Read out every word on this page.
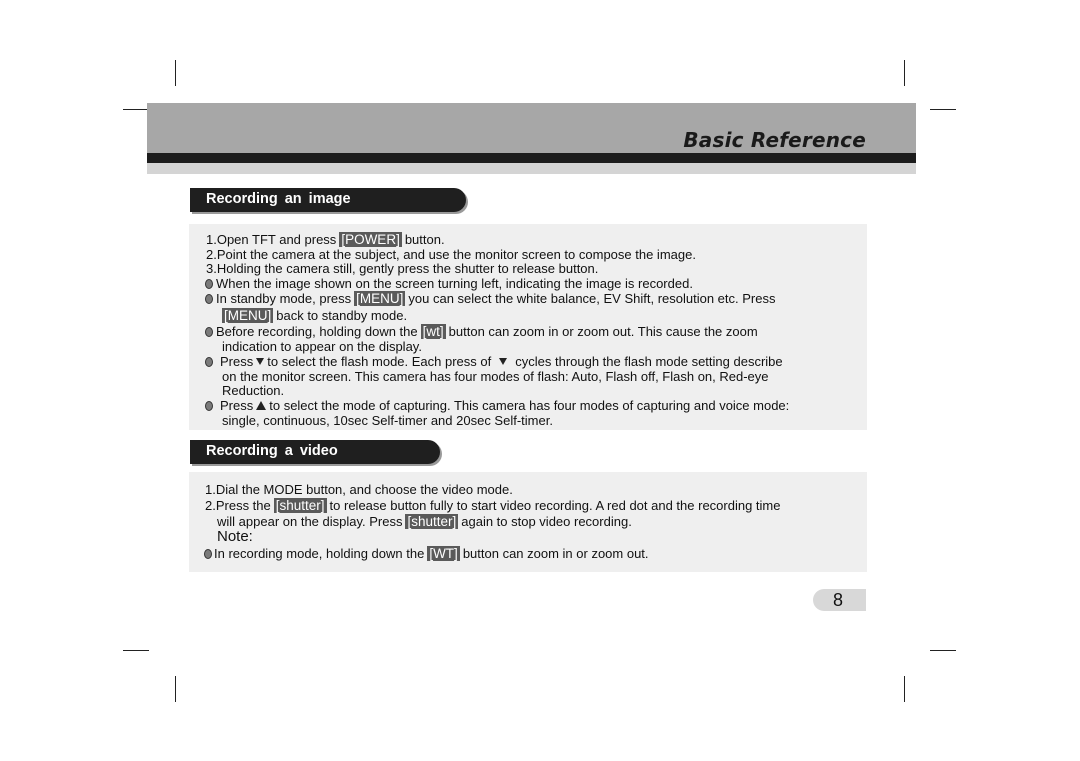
Basic Reference
Recording an image
1.Open TFT and press [POWER] button.
2.Point the camera at the subject, and use the monitor screen to compose the image.
3.Holding the camera still, gently press the shutter to release button.
When the image shown on the screen turning left, indicating the image is recorded.
In standby mode, press [MENU] you can select the white balance, EV Shift, resolution etc. Press
[MENU] back to standby mode.
Before recording, holding down the [wt] button can zoom in or zoom out. This cause the zoom
indication to appear on the display.
Press to select the flash mode. Each press of cycles through the flash mode setting describe
on the monitor screen. This camera has four modes of flash: Auto, Flash off, Flash on, Red-eye
Reduction.
Press to select the mode of capturing. This camera has four modes of capturing and voice mode:
single, continuous, 10sec Self-timer and 20sec Self-timer.
Recording a video
1.Dial the MODE button, and choose the video mode.
2.Press the [shutter] to release button fully to start video recording. A red dot and the recording time
will appear on the display. Press [shutter] again to stop video recording.
Note:
In recording mode, holding down the [WT] button can zoom in or zoom out.
8
